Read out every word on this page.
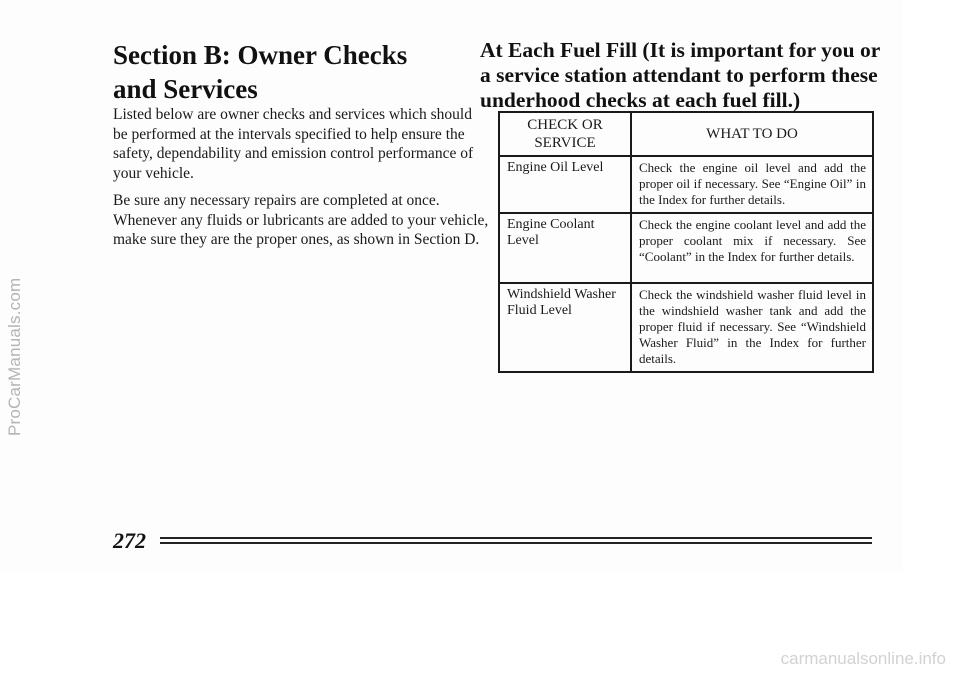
ProCarManuals.com
Section B: Owner Checks and Services

Listed below are owner checks and services which should be performed at the intervals specified to help ensure the safety, dependability and emission control performance of your vehicle.

Be sure any necessary repairs are completed at once. Whenever any fluids or lubricants are added to your vehicle, make sure they are the proper ones, as shown in Section D.

At Each Fuel Fill (It is important for you or a service station attendant to perform these underhood checks at each fuel fill.)
CHECK OR SERVICE	WHAT TO DO
Engine Oil Level	Check the engine oil level and add the proper oil if necessary. See “Engine Oil” in the Index for further details.
Engine Coolant Level	Check the engine coolant level and add the proper coolant mix if necessary. See “Coolant” in the Index for further details.
Windshield Washer Fluid Level	Check the windshield washer fluid level in the windshield washer tank and add the proper fluid if necessary. See “Windshield Washer Fluid” in the Index for further details.
272
carmanualsonline.info
